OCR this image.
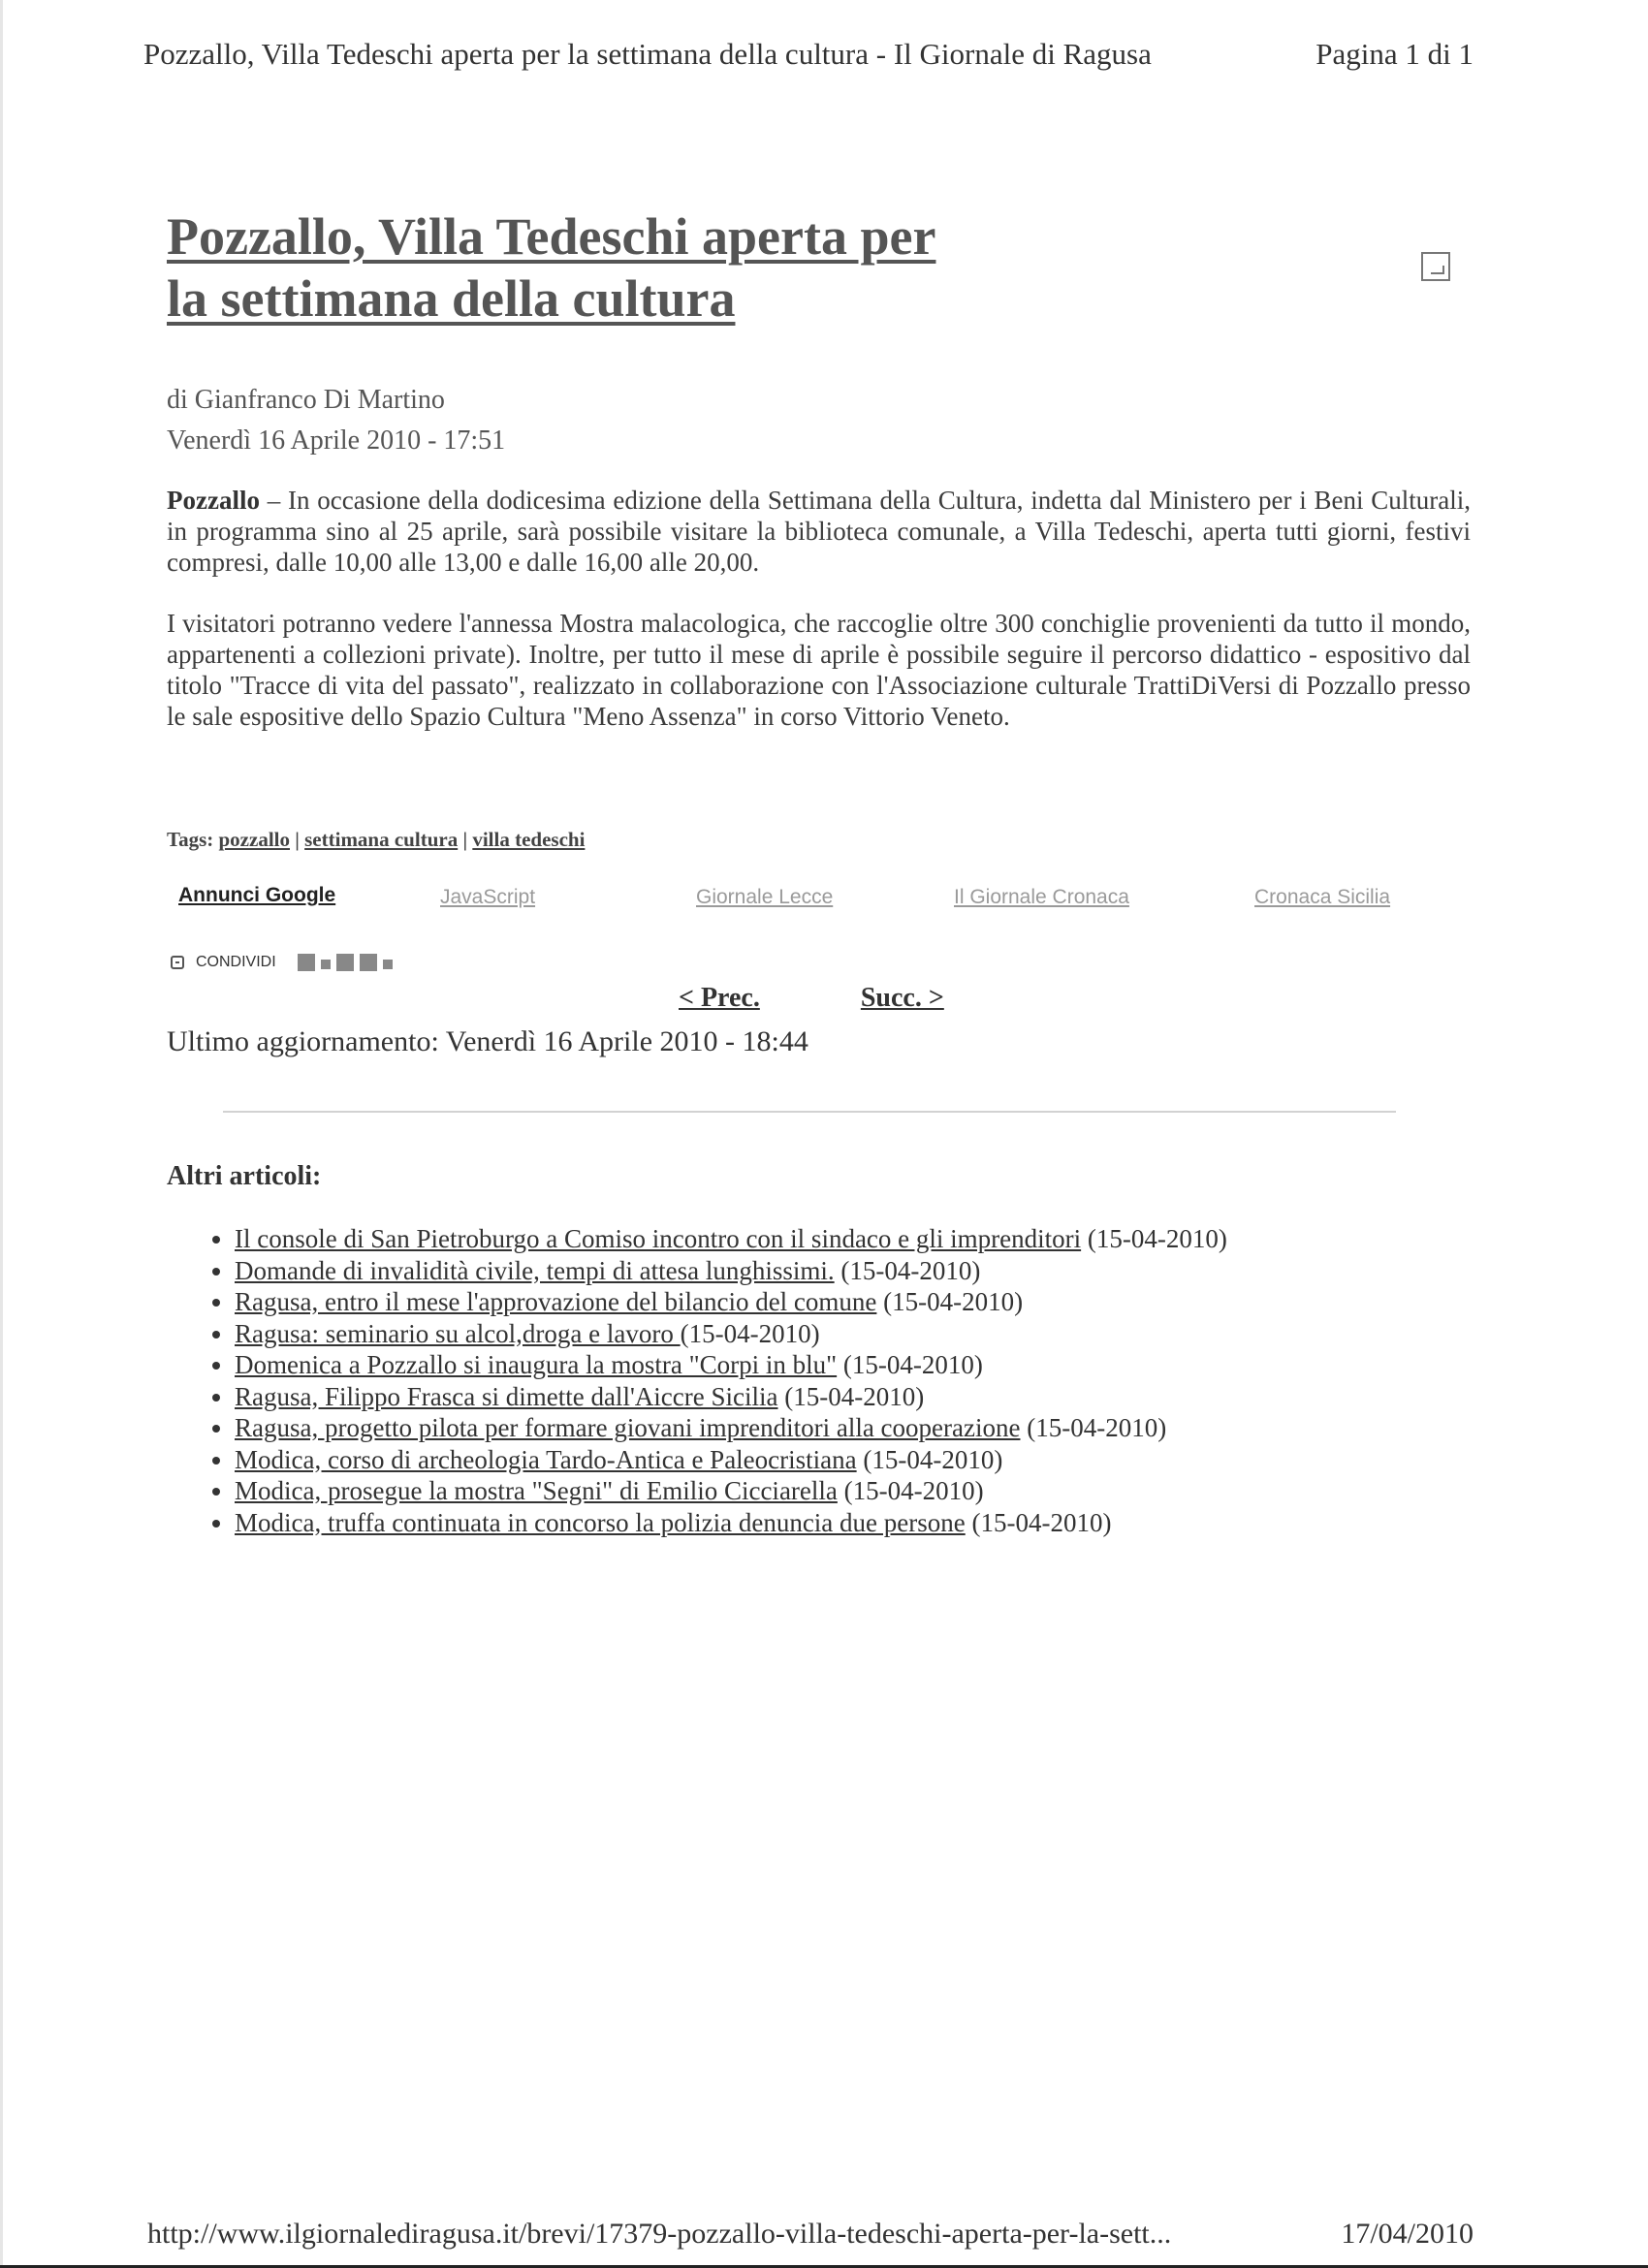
Pozzallo, Villa Tedeschi aperta per la settimana della cultura - Il Giornale di Ragusa	Pagina 1 di 1
Pozzallo, Villa Tedeschi aperta per la settimana della cultura
di Gianfranco Di Martino
Venerdì 16 Aprile 2010 - 17:51

Pozzallo – In occasione della dodicesima edizione della Settimana della Cultura, indetta dal Ministero per i Beni Culturali, in programma sino al 25 aprile, sarà possibile visitare la biblioteca comunale, a Villa Tedeschi, aperta tutti giorni, festivi compresi, dalle 10,00 alle 13,00 e dalle 16,00 alle 20,00.

I visitatori potranno vedere l'annessa Mostra malacologica, che raccoglie oltre 300 conchiglie provenienti da tutto il mondo, appartenenti a collezioni private). Inoltre, per tutto il mese di aprile è possibile seguire il percorso didattico - espositivo dal titolo "Tracce di vita del passato", realizzato in collaborazione con l'Associazione culturale TrattiDiVersi di Pozzallo presso le sale espositive dello Spazio Cultura "Meno Assenza" in corso Vittorio Veneto.

Tags: pozzallo | settimana cultura | villa tedeschi
Annunci Google	JavaScript	Giornale Lecce	Il Giornale Cronaca	Cronaca Sicilia
CONDIVIDI
< Prec.	Succ. >
Ultimo aggiornamento: Venerdì 16 Aprile 2010 - 18:44
Altri articoli:
• Il console di San Pietroburgo a Comiso incontro con il sindaco e gli imprenditori (15-04-2010)
• Domande di invalidità civile, tempi di attesa lunghissimi. (15-04-2010)
• Ragusa, entro il mese l'approvazione del bilancio del comune (15-04-2010)
• Ragusa: seminario su alcol,droga e lavoro (15-04-2010)
• Domenica a Pozzallo si inaugura la mostra "Corpi in blu" (15-04-2010)
• Ragusa, Filippo Frasca si dimette dall'Aiccre Sicilia (15-04-2010)
• Ragusa, progetto pilota per formare giovani imprenditori alla cooperazione (15-04-2010)
• Modica, corso di archeologia Tardo-Antica e Paleocristiana (15-04-2010)
• Modica, prosegue la mostra "Segni" di Emilio Cicciarella (15-04-2010)
• Modica, truffa continuata in concorso la polizia denuncia due persone (15-04-2010)
http://www.ilgiornalediragusa.it/brevi/17379-pozzallo-villa-tedeschi-aperta-per-la-sett...	17/04/2010
